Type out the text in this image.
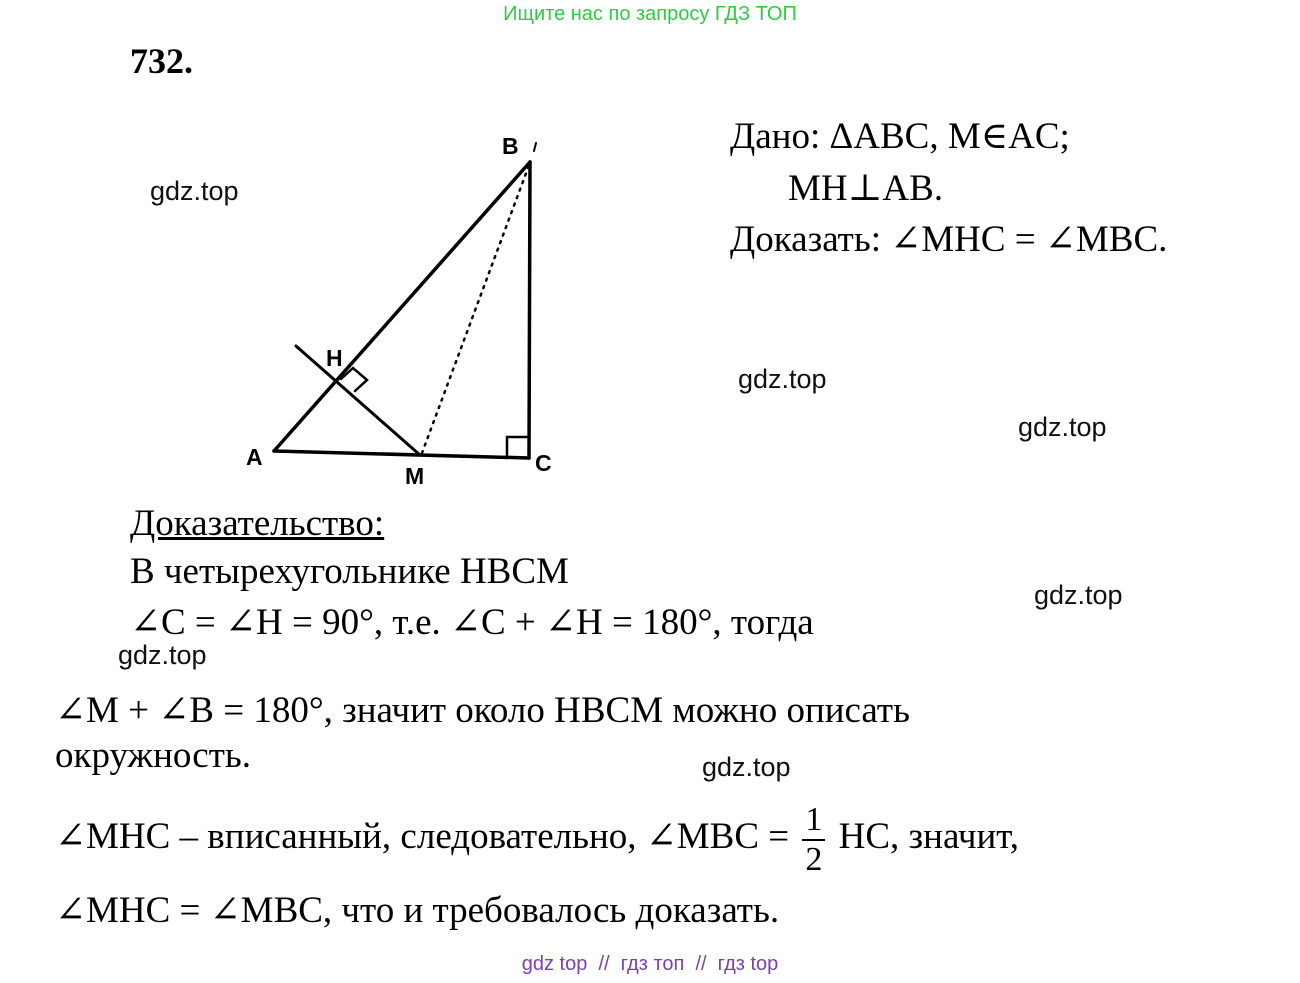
Ищите нас по запросу ГДЗ ТОП
732.
B
A	C
M
H
Дано: ΔABC, M∈AC;
MH⊥AB.
Доказать: ∠MHC = ∠MBC.
gdz.top
gdz.top
gdz.top
gdz.top
gdz.top
gdz.top
Доказательство:
В четырехугольнике HBCM
∠C = ∠H = 90°, т.е. ∠C + ∠H = 180°, тогда
∠M + ∠B = 180°, значит около HBCM можно описать
окружность.
∠MHC – вписанный, следовательно, ∠MBC = $\frac{1}{2}$ HC, значит,
∠MHC = ∠MBC, что и требовалось доказать.
gdz top  //  гдз топ  //  гдз top
